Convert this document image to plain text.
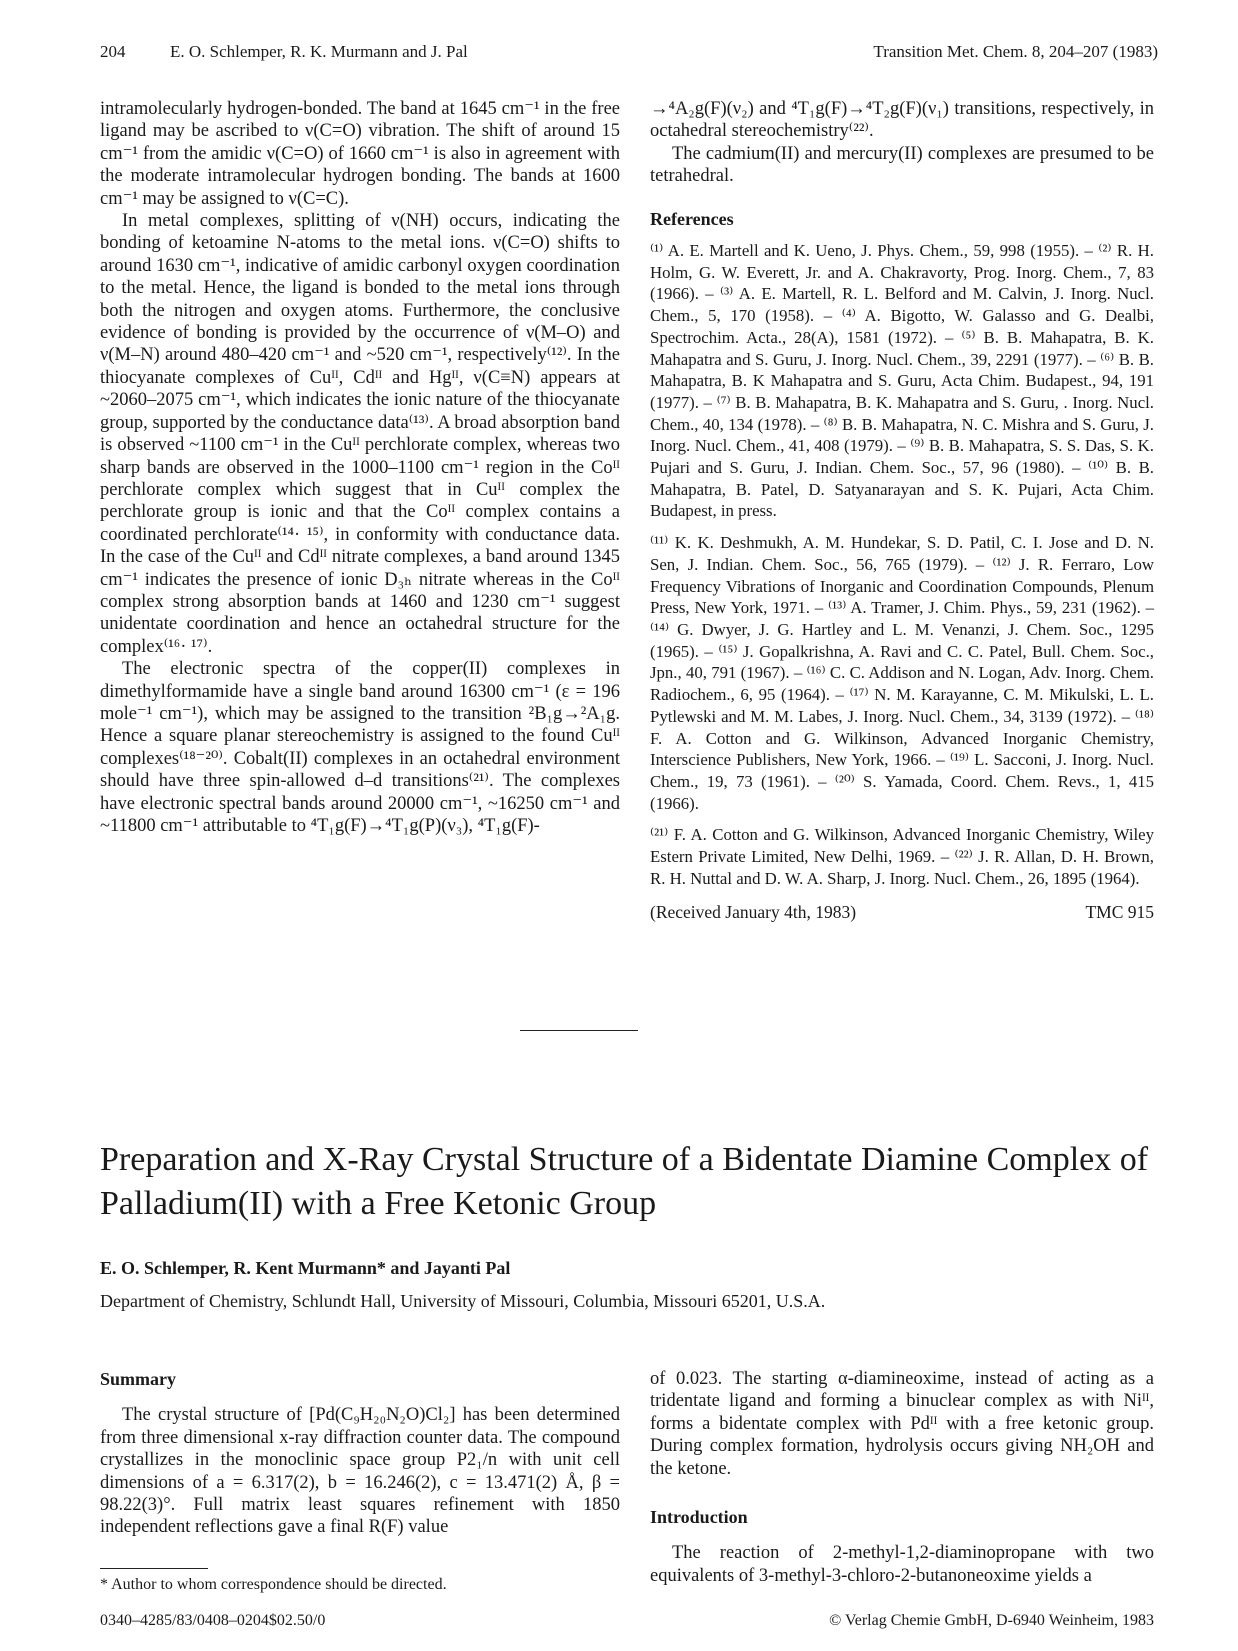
204	E. O. Schlemper, R. K. Murmann and J. Pal	Transition Met. Chem. 8, 204–207 (1983)

intramolecularly hydrogen-bonded. The band at 1645 cm⁻¹ in the free ligand may be ascribed to ν(C=O) vibration. The shift of around 15 cm⁻¹ from the amidic ν(C=O) of 1660 cm⁻¹ is also in agreement with the moderate intramolecular hydrogen bonding. The bands at 1600 cm⁻¹ may be assigned to ν(C=C).

In metal complexes, splitting of ν(NH) occurs, indicating the bonding of ketoamine N-atoms to the metal ions. ν(C=O) shifts to around 1630 cm⁻¹, indicative of amidic carbonyl oxygen coordination to the metal. Hence, the ligand is bonded to the metal ions through both the nitrogen and oxygen atoms. Furthermore, the conclusive evidence of bonding is provided by the occurrence of ν(M–O) and ν(M–N) around 480–420 cm⁻¹ and ~520 cm⁻¹, respectively⁽¹²⁾. In the thiocyanate complexes of Cuᴵᴵ, Cdᴵᴵ and Hgᴵᴵ, ν(C≡N) appears at ~2060–2075 cm⁻¹, which indicates the ionic nature of the thiocyanate group, supported by the conductance data⁽¹³⁾. A broad absorption band is observed ~1100 cm⁻¹ in the Cuᴵᴵ perchlorate complex, whereas two sharp bands are observed in the 1000–1100 cm⁻¹ region in the Coᴵᴵ perchlorate complex which suggest that in Cuᴵᴵ complex the perchlorate group is ionic and that the Coᴵᴵ complex contains a coordinated perchlorate⁽¹⁴· ¹⁵⁾, in conformity with conductance data. In the case of the Cuᴵᴵ and Cdᴵᴵ nitrate complexes, a band around 1345 cm⁻¹ indicates the presence of ionic D₃ₕ nitrate whereas in the Coᴵᴵ complex strong absorption bands at 1460 and 1230 cm⁻¹ suggest unidentate coordination and hence an octahedral structure for the complex⁽¹⁶· ¹⁷⁾.

The electronic spectra of the copper(II) complexes in dimethylformamide have a single band around 16300 cm⁻¹ (ε = 196 mole⁻¹ cm⁻¹), which may be assigned to the transition ²B₁g→²A₁g. Hence a square planar stereochemistry is assigned to the found Cuᴵᴵ complexes⁽¹⁸⁻²⁰⁾. Cobalt(II) complexes in an octahedral environment should have three spin-allowed d–d transitions⁽²¹⁾. The complexes have electronic spectral bands around 20000 cm⁻¹, ~16250 cm⁻¹ and ~11800 cm⁻¹ attributable to ⁴T₁g(F)→⁴T₁g(P)(ν₃), ⁴T₁g(F)-

→⁴A₂g(F)(ν₂) and ⁴T₁g(F)→⁴T₂g(F)(ν₁) transitions, respectively, in octahedral stereochemistry⁽²²⁾.

The cadmium(II) and mercury(II) complexes are presumed to be tetrahedral.

References

⁽¹⁾ A. E. Martell and K. Ueno, J. Phys. Chem., 59, 998 (1955). – ⁽²⁾ R. H. Holm, G. W. Everett, Jr. and A. Chakravorty, Prog. Inorg. Chem., 7, 83 (1966). – ⁽³⁾ A. E. Martell, R. L. Belford and M. Calvin, J. Inorg. Nucl. Chem., 5, 170 (1958). – ⁽⁴⁾ A. Bigotto, W. Galasso and G. Dealbi, Spectrochim. Acta., 28(A), 1581 (1972). – ⁽⁵⁾ B. B. Mahapatra, B. K. Mahapatra and S. Guru, J. Inorg. Nucl. Chem., 39, 2291 (1977). – ⁽⁶⁾ B. B. Mahapatra, B. K Mahapatra and S. Guru, Acta Chim. Budapest., 94, 191 (1977). – ⁽⁷⁾ B. B. Mahapatra, B. K. Mahapatra and S. Guru, . Inorg. Nucl. Chem., 40, 134 (1978). – ⁽⁸⁾ B. B. Mahapatra, N. C. Mishra and S. Guru, J. Inorg. Nucl. Chem., 41, 408 (1979). – ⁽⁹⁾ B. B. Mahapatra, S. S. Das, S. K. Pujari and S. Guru, J. Indian. Chem. Soc., 57, 96 (1980). – ⁽¹⁰⁾ B. B. Mahapatra, B. Patel, D. Satyanarayan and S. K. Pujari, Acta Chim. Budapest, in press.

⁽¹¹⁾ K. K. Deshmukh, A. M. Hundekar, S. D. Patil, C. I. Jose and D. N. Sen, J. Indian. Chem. Soc., 56, 765 (1979). – ⁽¹²⁾ J. R. Ferraro, Low Frequency Vibrations of Inorganic and Coordination Compounds, Plenum Press, New York, 1971. – ⁽¹³⁾ A. Tramer, J. Chim. Phys., 59, 231 (1962). – ⁽¹⁴⁾ G. Dwyer, J. G. Hartley and L. M. Venanzi, J. Chem. Soc., 1295 (1965). – ⁽¹⁵⁾ J. Gopalkrishna, A. Ravi and C. C. Patel, Bull. Chem. Soc., Jpn., 40, 791 (1967). – ⁽¹⁶⁾ C. C. Addison and N. Logan, Adv. Inorg. Chem. Radiochem., 6, 95 (1964). – ⁽¹⁷⁾ N. M. Karayanne, C. M. Mikulski, L. L. Pytlewski and M. M. Labes, J. Inorg. Nucl. Chem., 34, 3139 (1972). – ⁽¹⁸⁾ F. A. Cotton and G. Wilkinson, Advanced Inorganic Chemistry, Interscience Publishers, New York, 1966. – ⁽¹⁹⁾ L. Sacconi, J. Inorg. Nucl. Chem., 19, 73 (1961). – ⁽²⁰⁾ S. Yamada, Coord. Chem. Revs., 1, 415 (1966).

⁽²¹⁾ F. A. Cotton and G. Wilkinson, Advanced Inorganic Chemistry, Wiley Estern Private Limited, New Delhi, 1969. – ⁽²²⁾ J. R. Allan, D. H. Brown, R. H. Nuttal and D. W. A. Sharp, J. Inorg. Nucl. Chem., 26, 1895 (1964).

(Received January 4th, 1983)	TMC 915
Preparation and X-Ray Crystal Structure of a Bidentate Diamine Complex of Palladium(II) with a Free Ketonic Group
E. O. Schlemper, R. Kent Murmann* and Jayanti Pal
Department of Chemistry, Schlundt Hall, University of Missouri, Columbia, Missouri 65201, U.S.A.
Summary

The crystal structure of [Pd(C₉H₂₀N₂O)Cl₂] has been determined from three dimensional x-ray diffraction counter data. The compound crystallizes in the monoclinic space group P2₁/n with unit cell dimensions of a = 6.317(2), b = 16.246(2), c = 13.471(2) Å, β = 98.22(3)°. Full matrix least squares refinement with 1850 independent reflections gave a final R(F) value

of 0.023. The starting α-diamineoxime, instead of acting as a tridentate ligand and forming a binuclear complex as with Niᴵᴵ, forms a bidentate complex with Pdᴵᴵ with a free ketonic group. During complex formation, hydrolysis occurs giving NH₂OH and the ketone.

Introduction

The reaction of 2-methyl-1,2-diaminopropane with two equivalents of 3-methyl-3-chloro-2-butanoneoxime yields a

* Author to whom correspondence should be directed.
0340–4285/83/0408–0204$02.50/0	© Verlag Chemie GmbH, D-6940 Weinheim, 1983
